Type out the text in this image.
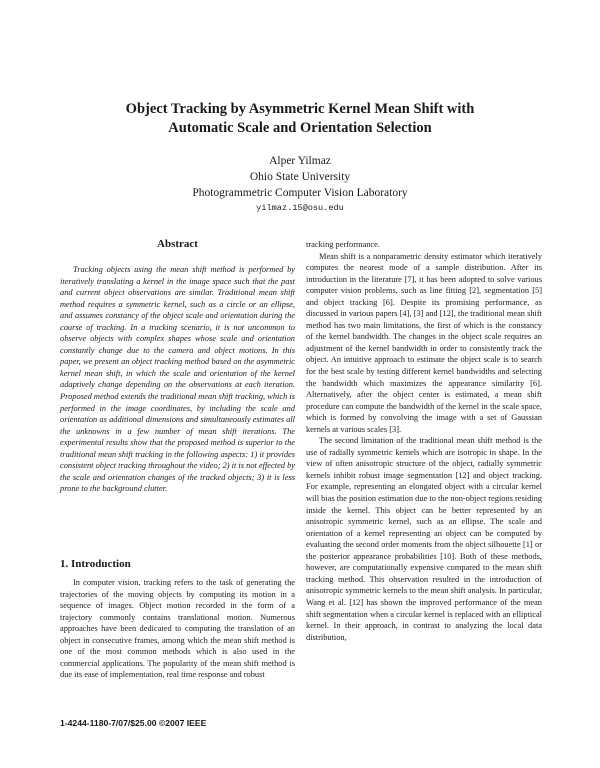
Object Tracking by Asymmetric Kernel Mean Shift with
Automatic Scale and Orientation Selection
Alper Yilmaz
Ohio State University
Photogrammetric Computer Vision Laboratory
yilmaz.15@osu.edu
Abstract

Tracking objects using the mean shift method is performed by iteratively translating a kernel in the image space such that the past and current object observations are similar. Traditional mean shift method requires a symmetric kernel, such as a circle or an ellipse, and assumes constancy of the object scale and orientation during the course of tracking. In a tracking scenario, it is not uncommon to observe objects with complex shapes whose scale and orientation constantly change due to the camera and object motions. In this paper, we present an object tracking method based on the asymmetric kernel mean shift, in which the scale and orientation of the kernel adaptively change depending on the observations at each iteration. Proposed method extends the traditional mean shift tracking, which is performed in the image coordinates, by including the scale and orientation as additional dimensions and simultaneously estimates all the unknowns in a few number of mean shift iterations. The experimental results show that the proposed method is superior to the traditional mean shift tracking in the following aspects: 1) it provides consistent object tracking throughout the video; 2) it is not effected by the scale and orientation changes of the tracked objects; 3) it is less prone to the background clutter.

1. Introduction

In computer vision, tracking refers to the task of generating the trajectories of the moving objects by computing its motion in a sequence of images. Object motion recorded in the form of a trajectory commonly contains translational motion. Numerous approaches have been dedicated to computing the translation of an object in consecutive frames, among which the mean shift method is one of the most common methods which is also used in the commercial applications. The popularity of the mean shift method is due its ease of implementation, real time response and robust

tracking performance.

Mean shift is a nonparametric density estimator which iteratively computes the nearest mode of a sample distribution. After its introduction in the literature [7], it has been adopted to solve various computer vision problems, such as line fitting [2], segmentation [5] and object tracking [6]. Despite its promising performance, as discussed in various papers [4], [3] and [12], the traditional mean shift method has two main limitations, the first of which is the constancy of the kernel bandwidth. The changes in the object scale requires an adjustment of the kernel bandwidth in order to consistently track the object. An intuitive approach to estimate the object scale is to search for the best scale by testing different kernel bandwidths and selecting the bandwidth which maximizes the appearance similarity [6]. Alternatively, after the object center is estimated, a mean shift procedure can compute the bandwidth of the kernel in the scale space, which is formed by convolving the image with a set of Gaussian kernels at various scales [3].

The second limitation of the traditional mean shift method is the use of radially symmetric kernels which are isotropic in shape. In the view of often anisotropic structure of the object, radially symmetric kernels inhibit robust image segmentation [12] and object tracking. For example, representing an elongated object with a circular kernel will bias the position estimation due to the non-object regions residing inside the kernel. This object can be better represented by an anisotropic symmetric kernel, such as an ellipse. The scale and orientation of a kernel representing an object can be computed by evaluating the second order moments from the object silhouette [1] or the posterior appearance probabilities [10]. Both of these methods, however, are computationally expensive compared to the mean shift tracking method. This observation resulted in the introduction of anisotropic symmetric kernels to the mean shift analysis. In particular, Wang et al. [12] has shown the improved performance of the mean shift segmentation when a circular kernel is replaced with an elliptical kernel. In their approach, in contrast to analyzing the local data distribution,

1-4244-1180-7/07/$25.00 ©2007 IEEE
